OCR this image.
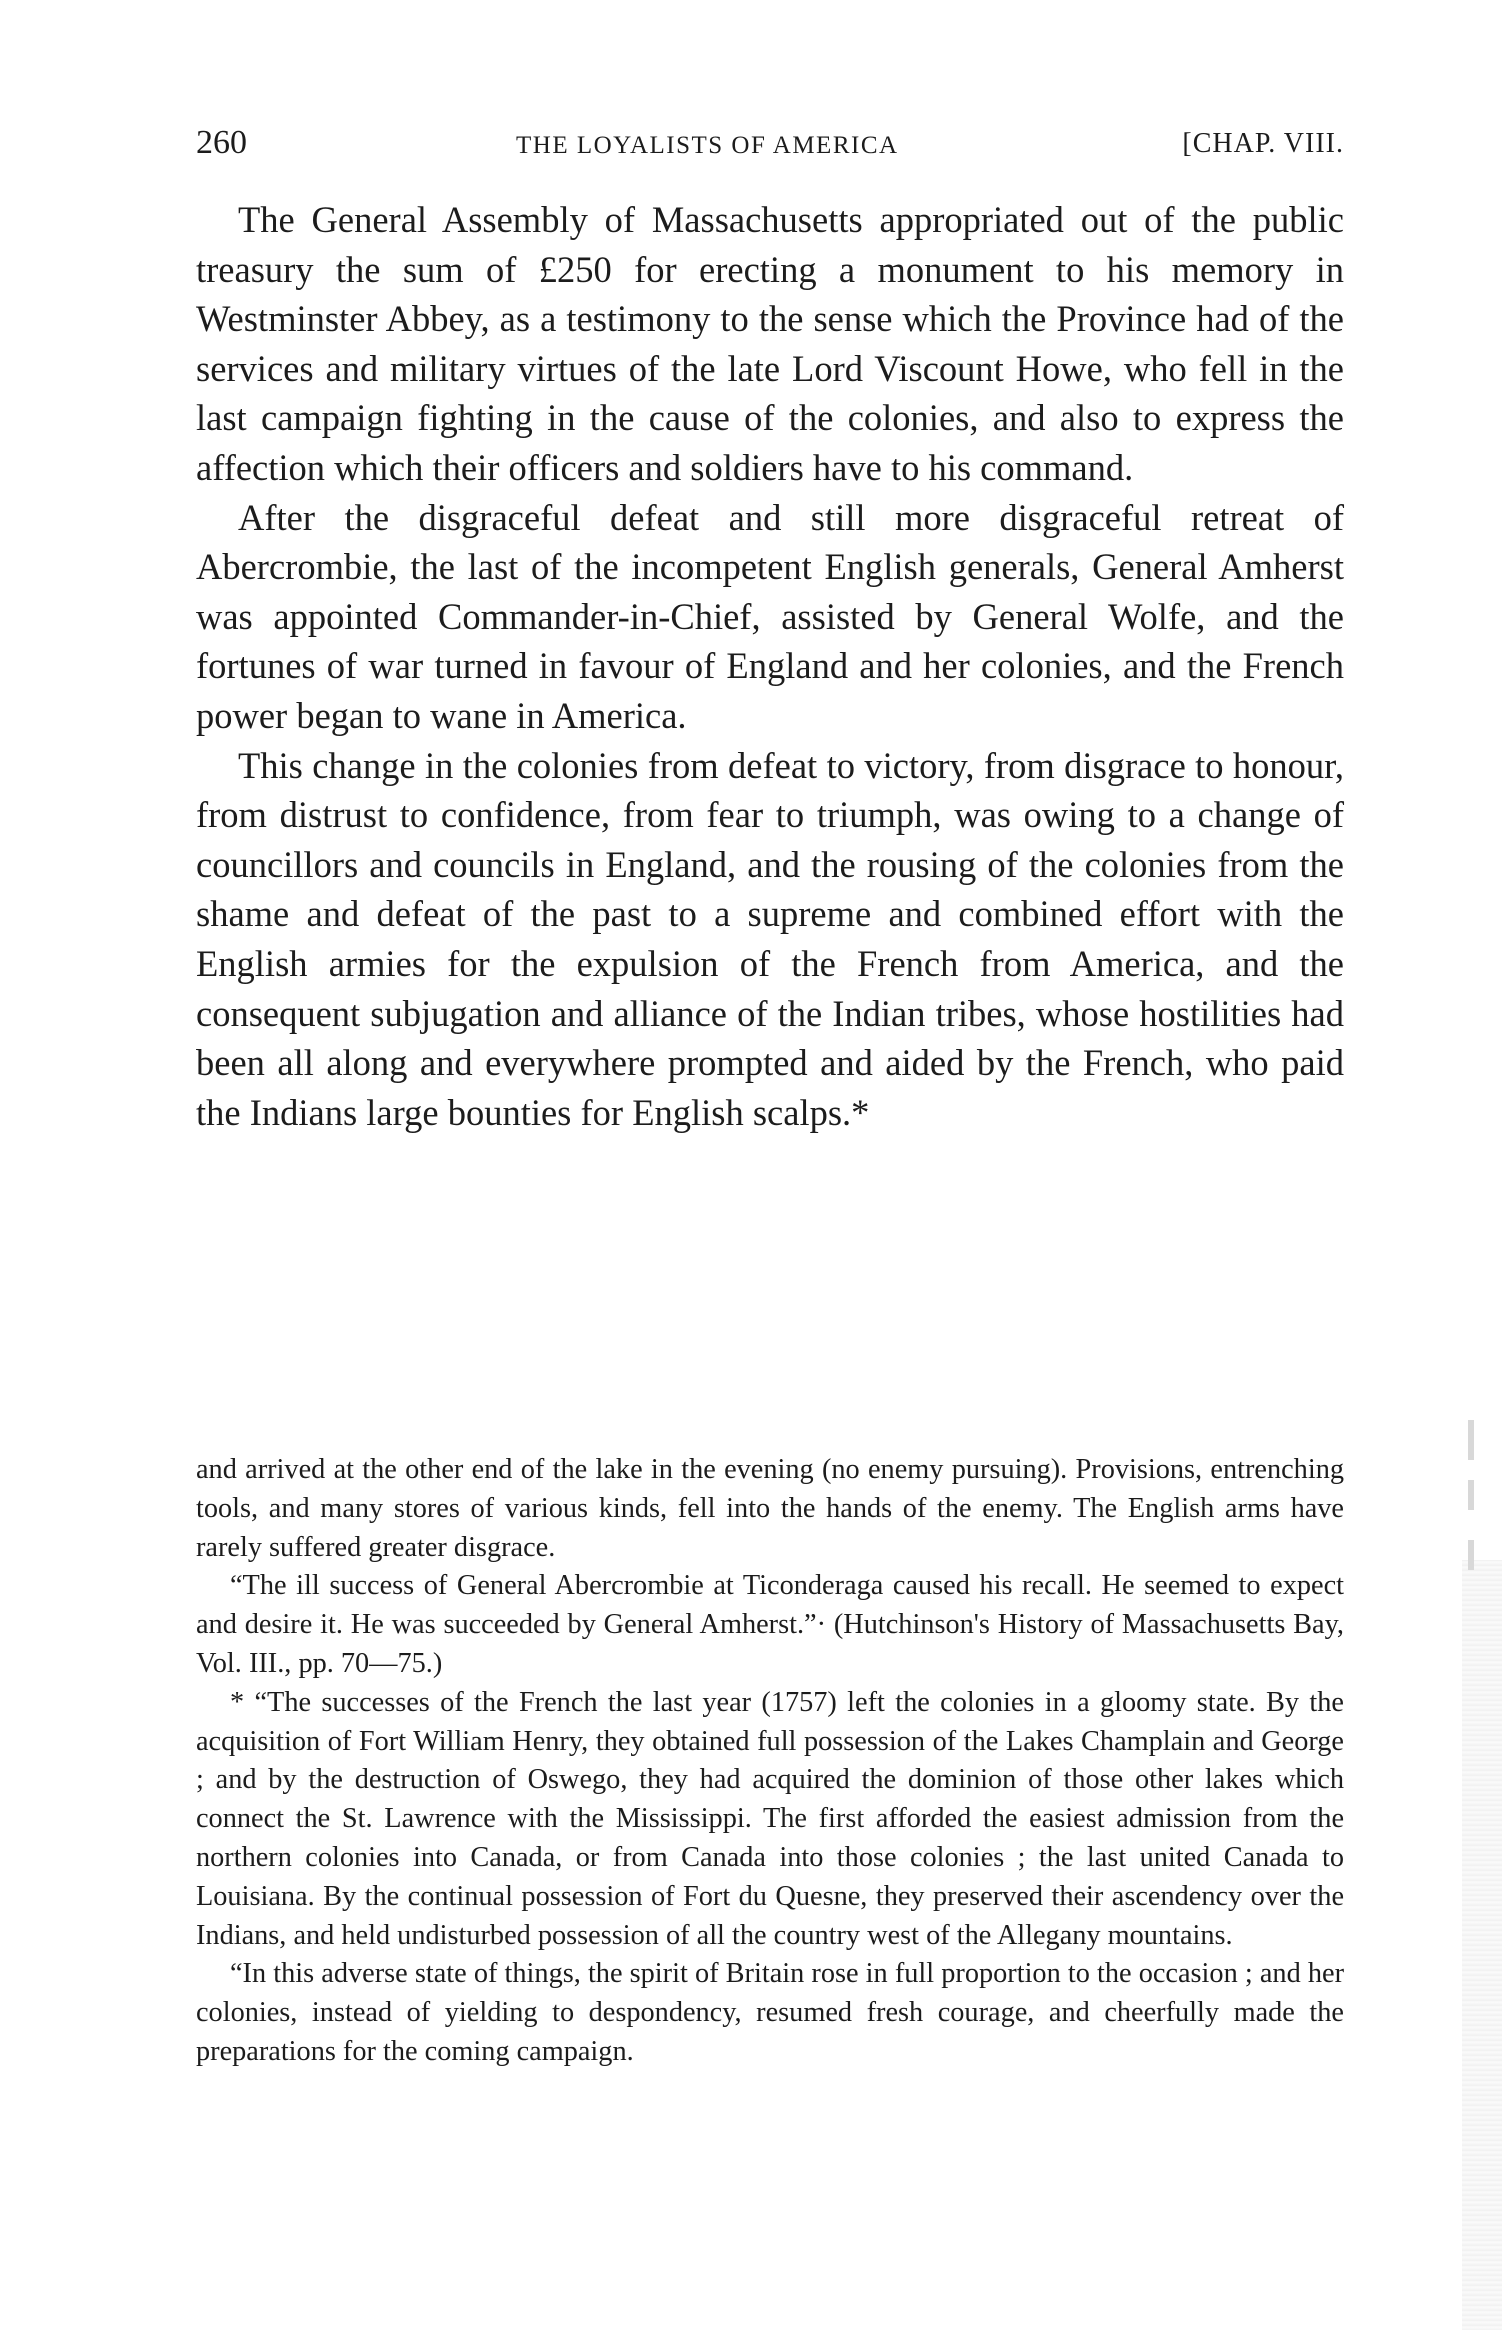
260	THE LOYALISTS OF AMERICA	[CHAP. VIII.

The General Assembly of Massachusetts appropriated out of the public treasury the sum of £250 for erecting a monument to his memory in Westminster Abbey, as a testimony to the sense which the Province had of the services and military virtues of the late Lord Viscount Howe, who fell in the last campaign fighting in the cause of the colonies, and also to express the affection which their officers and soldiers have to his command.

After the disgraceful defeat and still more disgraceful retreat of Abercrombie, the last of the incompetent English generals, General Amherst was appointed Commander-in-Chief, assisted by General Wolfe, and the fortunes of war turned in favour of England and her colonies, and the French power began to wane in America.

This change in the colonies from defeat to victory, from disgrace to honour, from distrust to confidence, from fear to triumph, was owing to a change of councillors and councils in England, and the rousing of the colonies from the shame and defeat of the past to a supreme and combined effort with the English armies for the expulsion of the French from America, and the consequent subjugation and alliance of the Indian tribes, whose hostilities had been all along and everywhere prompted and aided by the French, who paid the Indians large bounties for English scalps.*

and arrived at the other end of the lake in the evening (no enemy pursuing). Provisions, entrenching tools, and many stores of various kinds, fell into the hands of the enemy. The English arms have rarely suffered greater disgrace.

“The ill success of General Abercrombie at Ticonderaga caused his recall. He seemed to expect and desire it. He was succeeded by General Amherst.”· (Hutchinson's History of Massachusetts Bay, Vol. III., pp. 70—75.)

* “The successes of the French the last year (1757) left the colonies in a gloomy state. By the acquisition of Fort William Henry, they obtained full possession of the Lakes Champlain and George ; and by the destruction of Oswego, they had acquired the dominion of those other lakes which connect the St. Lawrence with the Mississippi. The first afforded the easiest admission from the northern colonies into Canada, or from Canada into those colonies ; the last united Canada to Louisiana. By the continual possession of Fort du Quesne, they preserved their ascendency over the Indians, and held undisturbed possession of all the country west of the Allegany mountains.

“In this adverse state of things, the spirit of Britain rose in full proportion to the occasion ; and her colonies, instead of yielding to despondency, resumed fresh courage, and cheerfully made the preparations for the coming campaign.
